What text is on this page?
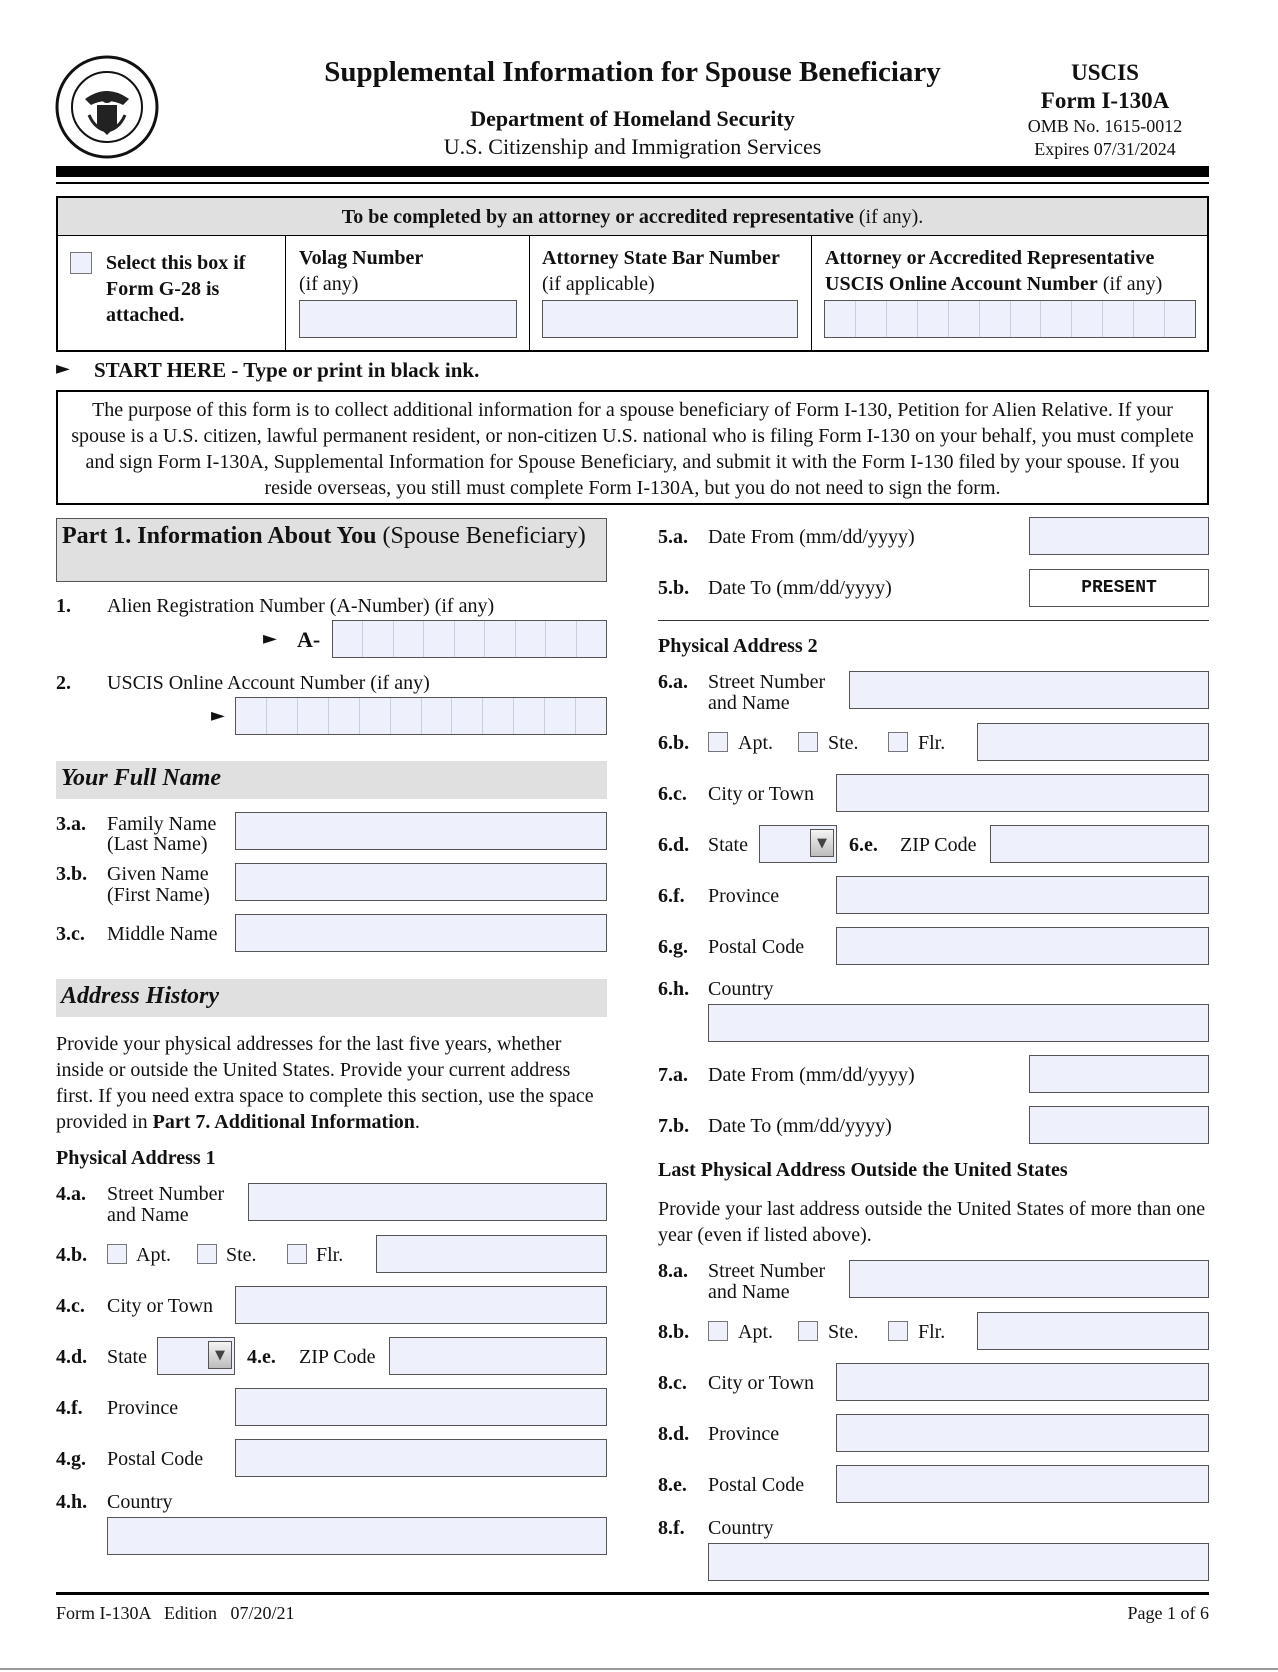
Supplemental Information for Spouse Beneficiary
Department of Homeland Security
U.S. Citizenship and Immigration Services
USCIS
Form I-130A
OMB No. 1615-0012
Expires 07/31/2024
To be completed by an attorney or accredited representative (if any).
Select this box if Form G-28 is attached.
Volag Number
(if any)
Attorney State Bar Number
(if applicable)
Attorney or Accredited Representative
USCIS Online Account Number (if any)
► START HERE - Type or print in black ink.
The purpose of this form is to collect additional information for a spouse beneficiary of Form I-130, Petition for Alien Relative. If your spouse is a U.S. citizen, lawful permanent resident, or non-citizen U.S. national who is filing Form I-130 on your behalf, you must complete and sign Form I-130A, Supplemental Information for Spouse Beneficiary, and submit it with the Form I-130 filed by your spouse. If you reside overseas, you still must complete Form I-130A, but you do not need to sign the form.
Part 1. Information About You (Spouse Beneficiary)
1. Alien Registration Number (A-Number) (if any)
► A-
2. USCIS Online Account Number (if any)
►
Your Full Name
3.a. Family Name
(Last Name)
3.b. Given Name
(First Name)
3.c. Middle Name
Address History
Provide your physical addresses for the last five years, whether inside or outside the United States. Provide your current address first. If you need extra space to complete this section, use the space provided in Part 7. Additional Information.
Physical Address 1
4.a. Street Number
and Name
4.b. Apt.	Ste.	Flr.
4.c. City or Town
4.d. State	▼	4.e. ZIP Code
4.f. Province
4.g. Postal Code
4.h. Country
5.a. Date From (mm/dd/yyyy)
5.b. Date To (mm/dd/yyyy)	PRESENT
Physical Address 2
6.a. Street Number
and Name
6.b. Apt.	Ste.	Flr.
6.c. City or Town
6.d. State	▼	6.e. ZIP Code
6.f. Province
6.g. Postal Code
6.h. Country
7.a. Date From (mm/dd/yyyy)
7.b. Date To (mm/dd/yyyy)
Last Physical Address Outside the United States
Provide your last address outside the United States of more than one year (even if listed above).
8.a. Street Number
and Name
8.b. Apt.	Ste.	Flr.
8.c. City or Town
8.d. Province
8.e. Postal Code
8.f. Country
Form I-130A   Edition   07/20/21	Page 1 of 6
